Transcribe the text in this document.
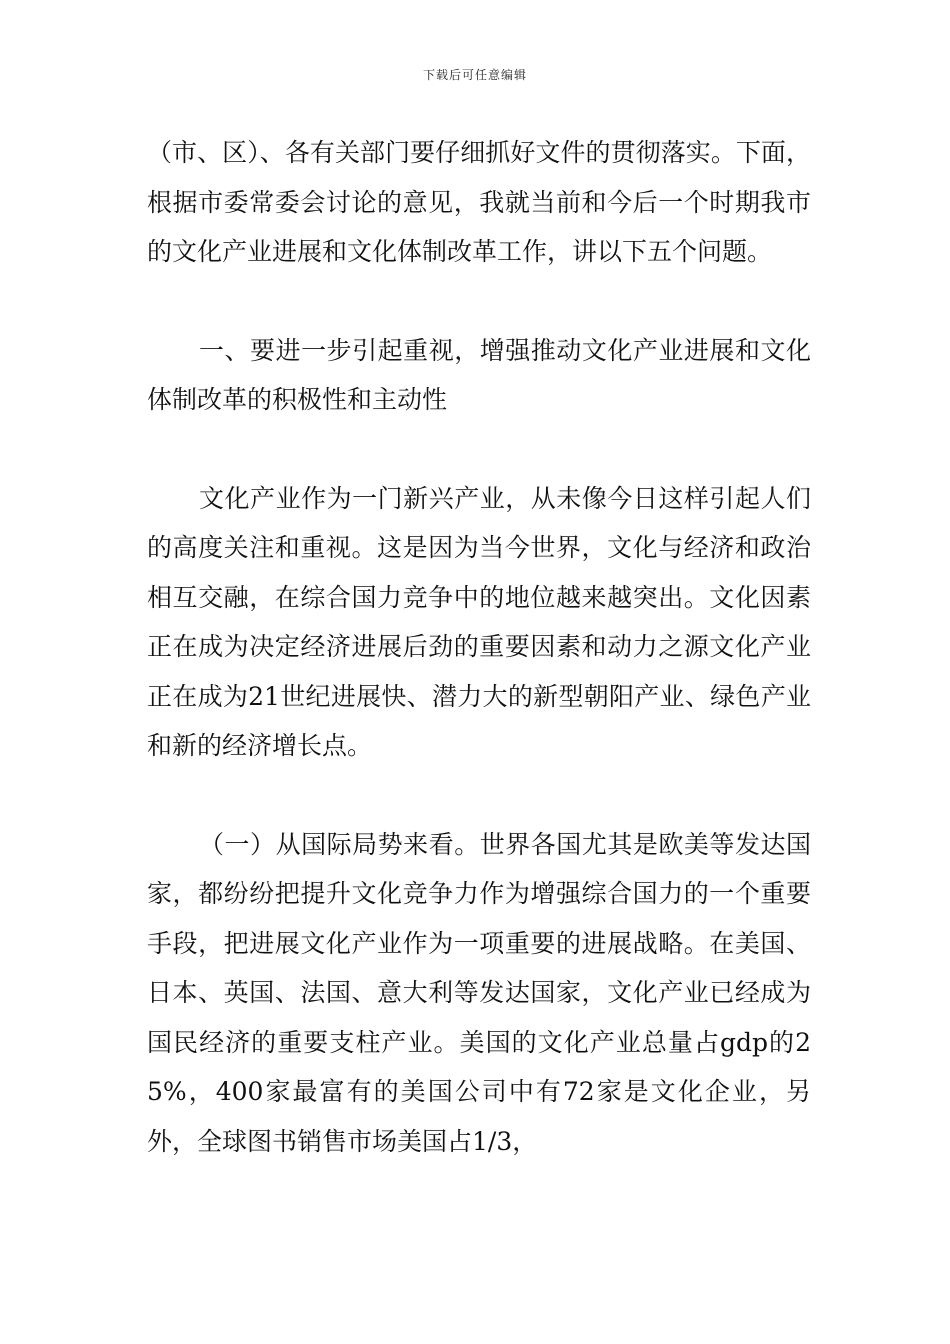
下载后可任意编辑

（市、区）、各有关部门要仔细抓好文件的贯彻落实。下面，根据市委常委会讨论的意见，我就当前和今后一个时期我市的文化产业进展和文化体制改革工作，讲以下五个问题。

一、要进一步引起重视，增强推动文化产业进展和文化体制改革的积极性和主动性

文化产业作为一门新兴产业，从未像今日这样引起人们的高度关注和重视。这是因为当今世界，文化与经济和政治相互交融，在综合国力竞争中的地位越来越突出。文化因素正在成为决定经济进展后劲的重要因素和动力之源文化产业正在成为21世纪进展快、潜力大的新型朝阳产业、绿色产业和新的经济增长点。

（一）从国际局势来看。世界各国尤其是欧美等发达国家，都纷纷把提升文化竞争力作为增强综合国力的一个重要手段，把进展文化产业作为一项重要的进展战略。在美国、日本、英国、法国、意大利等发达国家，文化产业已经成为国民经济的重要支柱产业。美国的文化产业总量占gdp的25%，400家最富有的美国公司中有72家是文化企业，另外，全球图书销售市场美国占1/3，
